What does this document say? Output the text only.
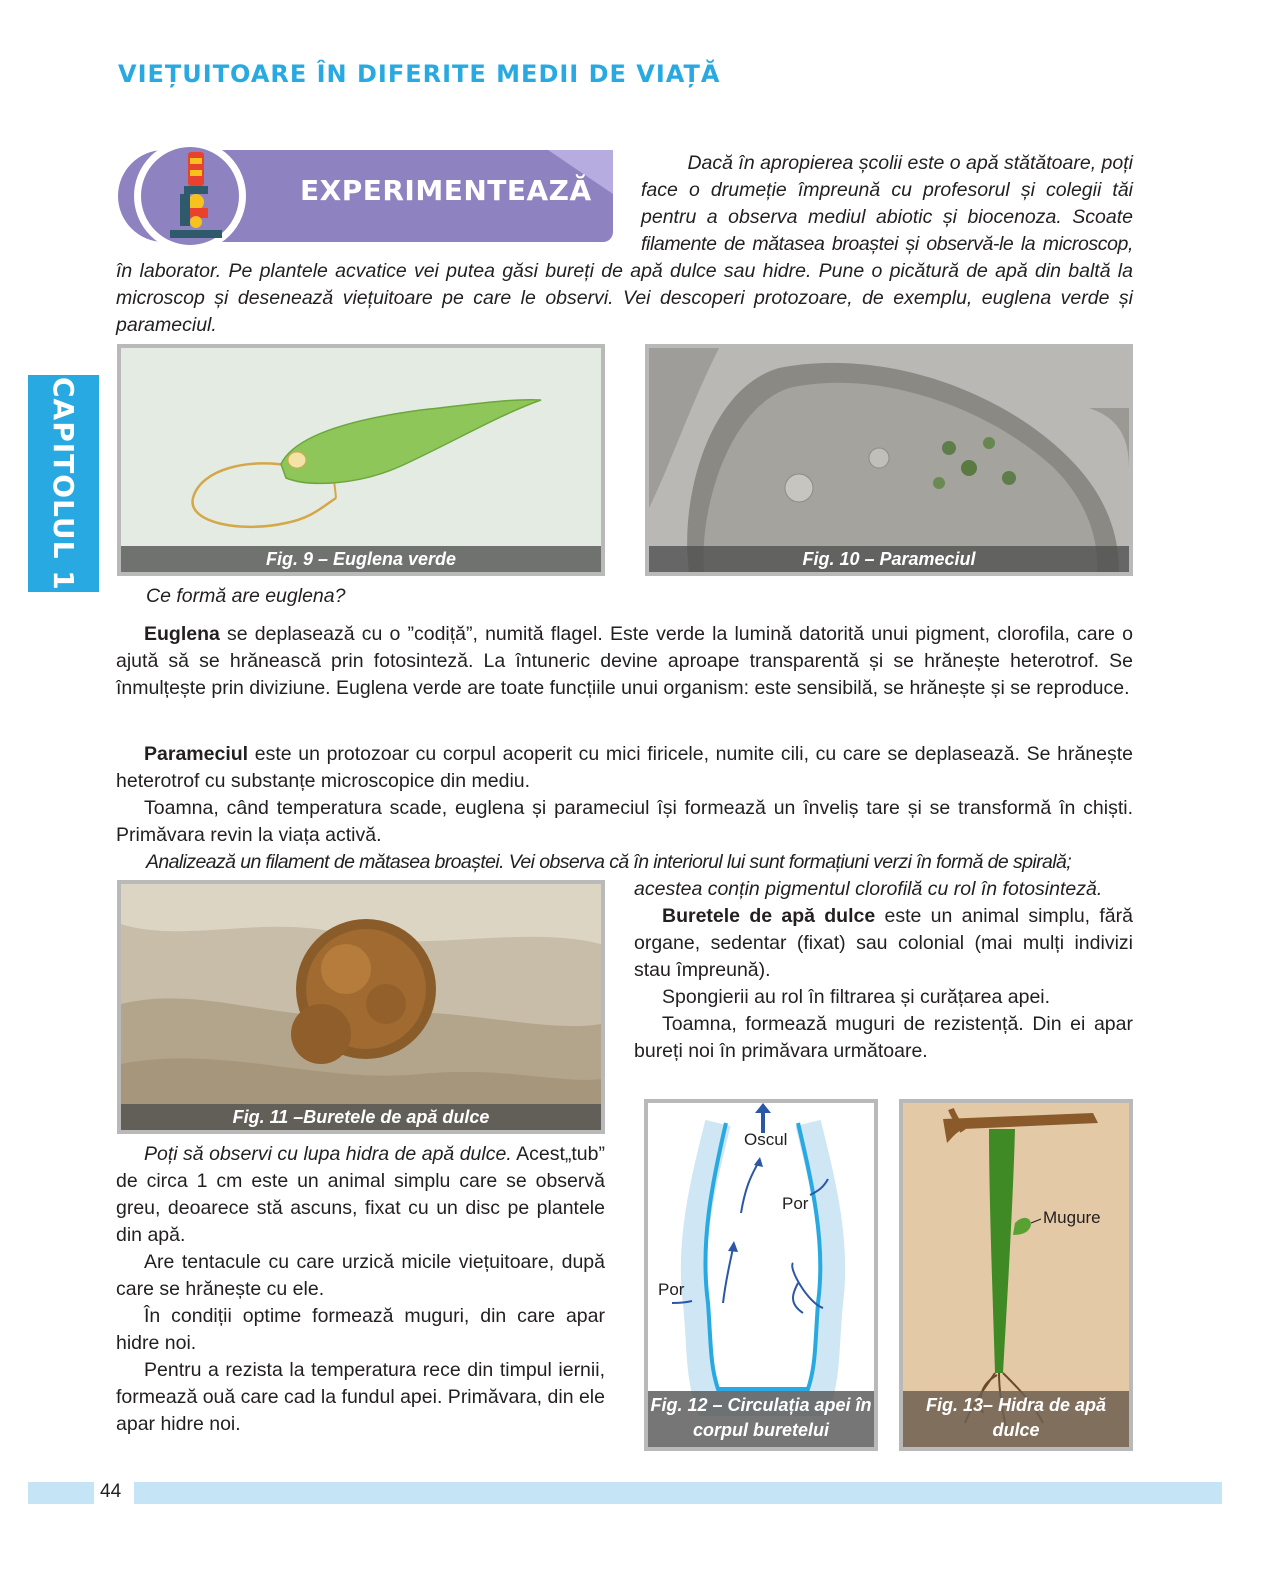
VIEȚUITOARE ÎN DIFERITE MEDII DE VIAȚĂ
CAPITOLUL 1
EXPERIMENTEAZĂ
Dacă în apropierea școlii este o apă stătătoare, poți
face o drumeție împreună cu profesorul și colegii tăi
pentru a observa mediul abiotic și biocenoza. Scoate
filamente de mătasea broaștei și observă-le la microscop,
în laborator. Pe plantele acvatice vei putea găsi bureți de apă dulce sau hidre. Pune o picătură de apă din baltă la microscop și desenează viețuitoare pe care le observi. Vei descoperi protozoare, de exemplu, euglena verde și parameciul.
Fig. 9 – Euglena verde	Fig. 10 – Parameciul
Ce formă are euglena?
Euglena se deplasează cu o ”codiță”, numită flagel. Este verde la lumină datorită unui pigment, clorofila, care o ajută să se hrănească prin fotosinteză. La întuneric devine aproape transparentă și se hrănește heterotrof. Se înmulțește prin diviziune. Euglena verde are toate funcțiile unui organism: este sensibilă, se hrănește și se reproduce.
Parameciul este un protozoar cu corpul acoperit cu mici firicele, numite cili, cu care se deplasează. Se hrănește heterotrof cu substanțe microscopice din mediu.
Toamna, când temperatura scade, euglena și parameciul își formează un înveliș tare și se transformă în chiști. Primăvara revin la viața activă.
Analizează un filament de mătasea broaștei. Vei observa că în interiorul lui sunt formațiuni verzi în formă de spirală;
acestea conțin pigmentul clorofilă cu rol în fotosinteză.
Fig. 11 –Buretele de apă dulce
Buretele de apă dulce este un animal simplu, fără organe, sedentar (fixat) sau colonial (mai mulți indivizi stau împreună).
Spongierii au rol în filtrarea și curățarea apei.
Toamna, formează muguri de rezistență. Din ei apar bureți noi în primăvara următoare.
Poți să observi cu lupa hidra de apă dulce. Acest„tub” de circa 1 cm este un animal simplu care se observă greu, deoarece stă ascuns, fixat cu un disc pe plantele din apă.
Are tentacule cu care urzică micile viețuitoare, după care se hrănește cu ele.
În condiții optime formează muguri, din care apar hidre noi.
Pentru a rezista la temperatura rece din timpul iernii, formează ouă care cad la fundul apei. Primăvara, din ele apar hidre noi.
Oscul
Por
Por
Fig. 12 – Circulația apei în corpul buretelui
Mugure
Fig. 13– Hidra de apă dulce
44
